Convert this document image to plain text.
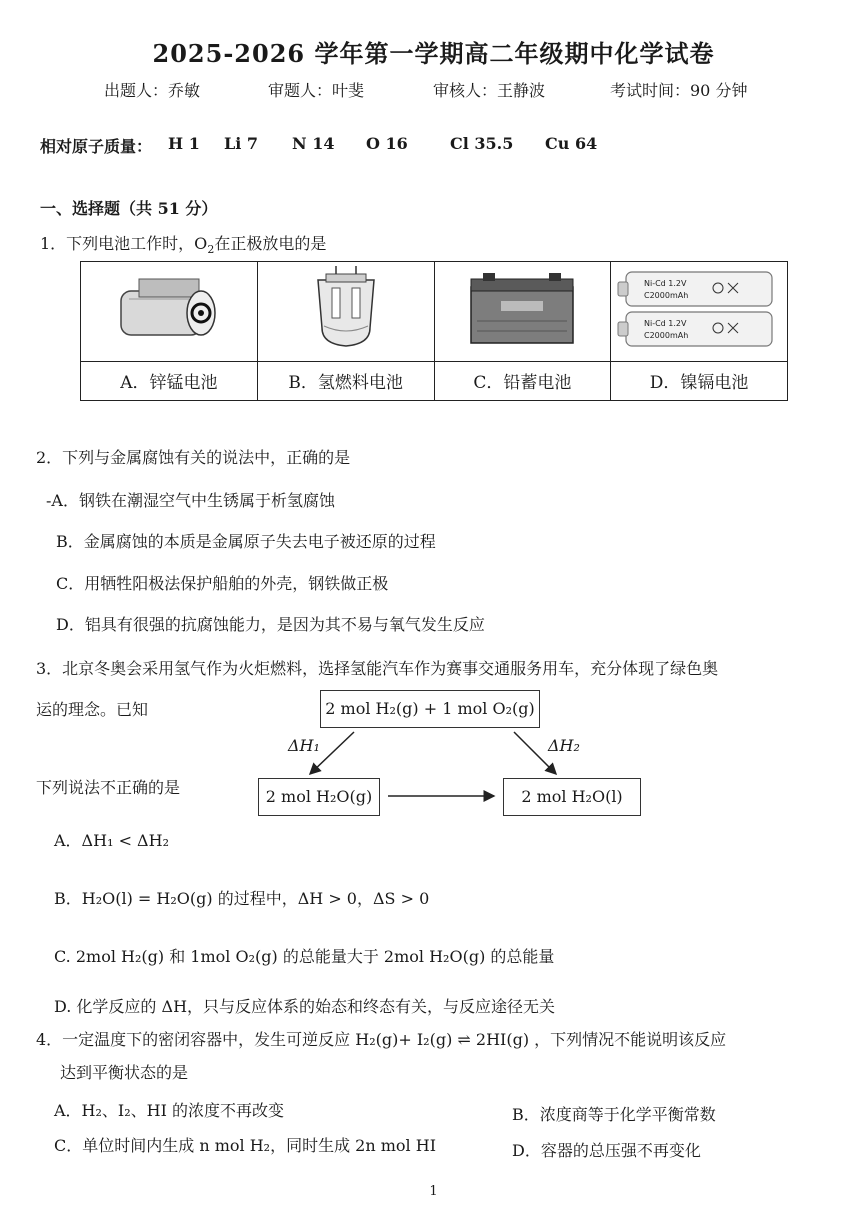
2025-2026 学年第一学期高二年级期中化学试卷
出题人：乔敏	审题人：叶斐	审核人：王静波	考试时间：90 分钟
相对原子质量： H 1 Li 7 N 14 O 16	Cl 35.5 Cu 64
一、选择题（共 51 分）
1．下列电池工作时，$O_2$在正极放电的是

Ni-Cd 1.2V
C2000mAh
Ni-Cd 1.2V
C2000mAh

A．锌锰电池	B．氢燃料电池	C．铅蓄电池	D．镍镉电池
2．下列与金属腐蚀有关的说法中，正确的是
-A．钢铁在潮湿空气中生锈属于析氢腐蚀
B．金属腐蚀的本质是金属原子失去电子被还原的过程
C．用牺牲阳极法保护船舶的外壳，钢铁做正极
D．铝具有很强的抗腐蚀能力，是因为其不易与氧气发生反应
3．北京冬奥会采用氢气作为火炬燃料，选择氢能汽车作为赛事交通服务用车，充分体现了绿色奥
运的理念。已知
下列说法不正确的是
2 mol H₂(g) + 1 mol O₂(g)
2 mol H₂O(g)	2 mol H₂O(l)
ΔH₁	ΔH₂
A．ΔH₁ < ΔH₂
B．H₂O(l) = H₂O(g) 的过程中，ΔH > 0，ΔS > 0
C. 2mol H₂(g) 和 1mol O₂(g) 的总能量大于 2mol H₂O(g) 的总能量
D. 化学反应的 ΔH，只与反应体系的始态和终态有关，与反应途径无关
4．一定温度下的密闭容器中，发生可逆反应 H₂(g)+ I₂(g) ⇌ 2HI(g) ，下列情况不能说明该反应
达到平衡状态的是
A．H₂、I₂、HI 的浓度不再改变	B．浓度商等于化学平衡常数
C．单位时间内生成 n mol H₂，同时生成 2n mol HI	D．容器的总压强不再变化
1
